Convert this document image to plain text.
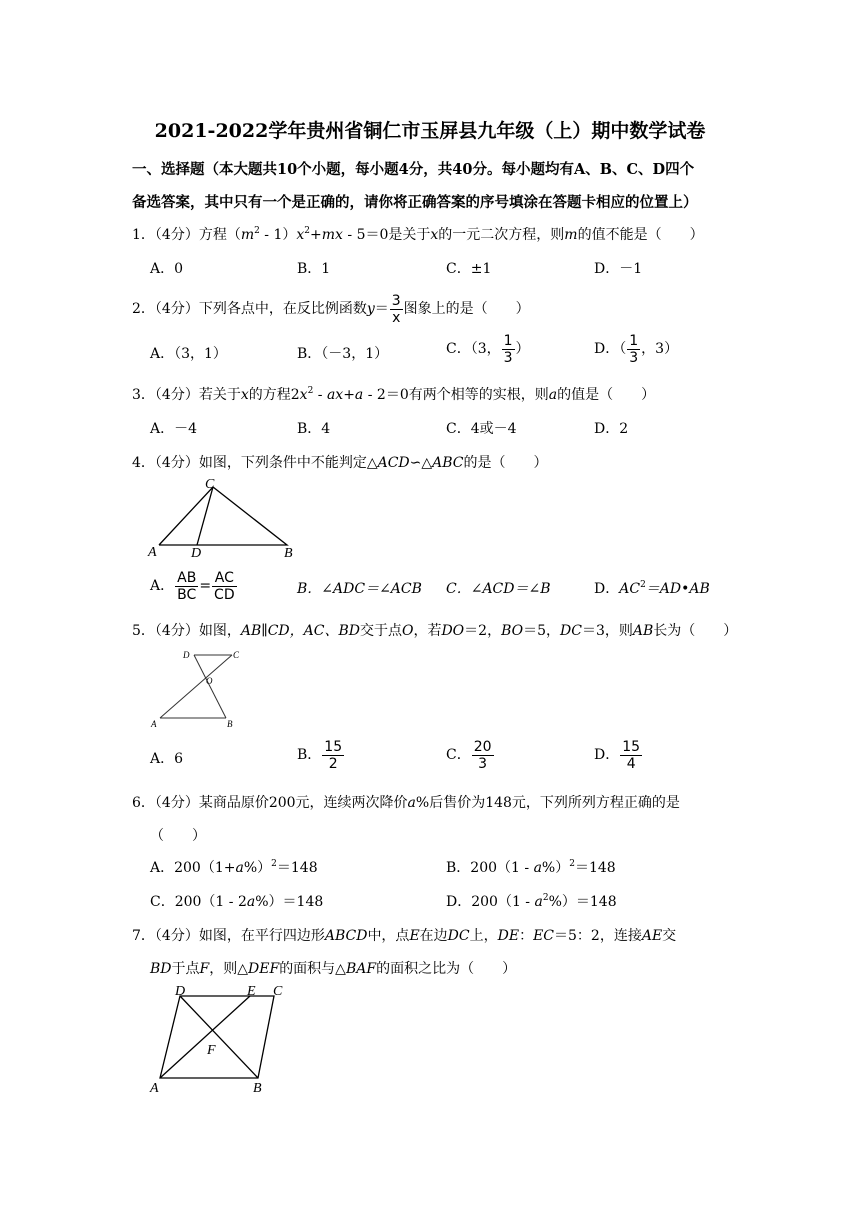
2021-2022学年贵州省铜仁市玉屏县九年级（上）期中数学试卷
一、选择题（本大题共10个小题，每小题4分，共40分。每小题均有A、B、C、D四个
备选答案，其中只有一个是正确的，请你将正确答案的序号填涂在答题卡相应的位置上）
1．（4分）方程$(m^2 - 1)x^2+mx - 5=0$是关于x的一元二次方程，则m的值不能是（　　）
A．0	B．1	C．±1	D．－1
2．（4分）下列各点中，在反比例函数$y= \frac{3}{x}$ 图象上的是（　　）
A．（3，1）	B．（－3，1）	C．（3， $\frac{1}{3}$ ）	D．（ $\frac{1}{3}$ ，3）
3．（4分）若关于x的方程$2x^2 - ax+a - 2=0$有两个相等的实根，则a的值是（　　）
A．－4	B．4	C．4或－4	D．2
4．（4分）如图，下列条件中不能判定△ACD∽△ABC的是（　　）
C
A D	B
A． $\frac{AB}{BC} = \frac{AC}{CD}$	B．∠ADC＝∠ACB C．∠ACD＝∠B	D．$AC^2=AD•AB$
5．（4分）如图，AB∥CD，AC、BD交于点O，若DO＝2，BO＝5，DC＝3，则AB长为（　　）
D	C
O
A	B
A．6	B． $\frac{15}{2}$	C． $\frac{20}{3}$	D． $\frac{15}{4}$
6．（4分）某商品原价200元，连续两次降价a%后售价为148元，下列所列方程正确的是
（　　）
A．$200(1+a\%)^2=148$	B．200（1 - a%）$^2$＝148
C．200（1 - 2a%）＝148	D．$200(1 - a^2\%)=148$
7．（4分）如图，在平行四边形ABCD中，点E在边DC上，DE：EC＝5：2，连接AE交
BD于点F，则△DEF的面积与△BAF的面积之比为（　　）
D	E C
F
A	B
